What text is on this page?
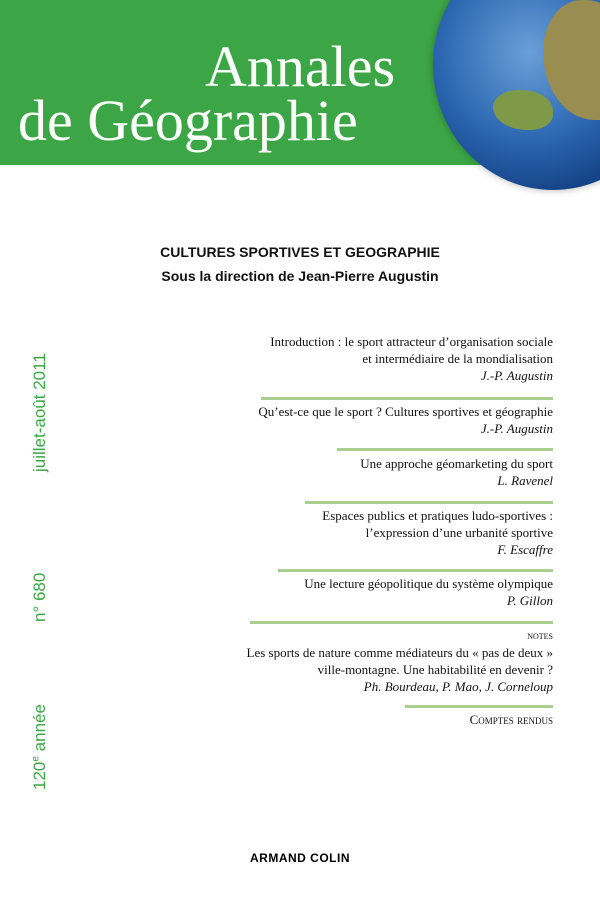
Annales
de Géographie
CULTURES SPORTIVES ET GEOGRAPHIE
Sous la direction de Jean-Pierre Augustin
juillet-août 2011
n° 680
120e année
Introduction : le sport attracteur d’organisation sociale
et intermédiaire de la mondialisation
J.-P. Augustin
Qu’est-ce que le sport ? Cultures sportives et géographie
J.-P. Augustin
Une approche géomarketing du sport
L. Ravenel
Espaces publics et pratiques ludo-sportives :
l’expression d’une urbanité sportive
F. Escaffre
Une lecture géopolitique du système olympique
P. Gillon
notes
Les sports de nature comme médiateurs du « pas de deux »
ville-montagne. Une habitabilité en devenir ?
Ph. Bourdeau, P. Mao, J. Corneloup
Comptes rendus
ARMAND COLIN
